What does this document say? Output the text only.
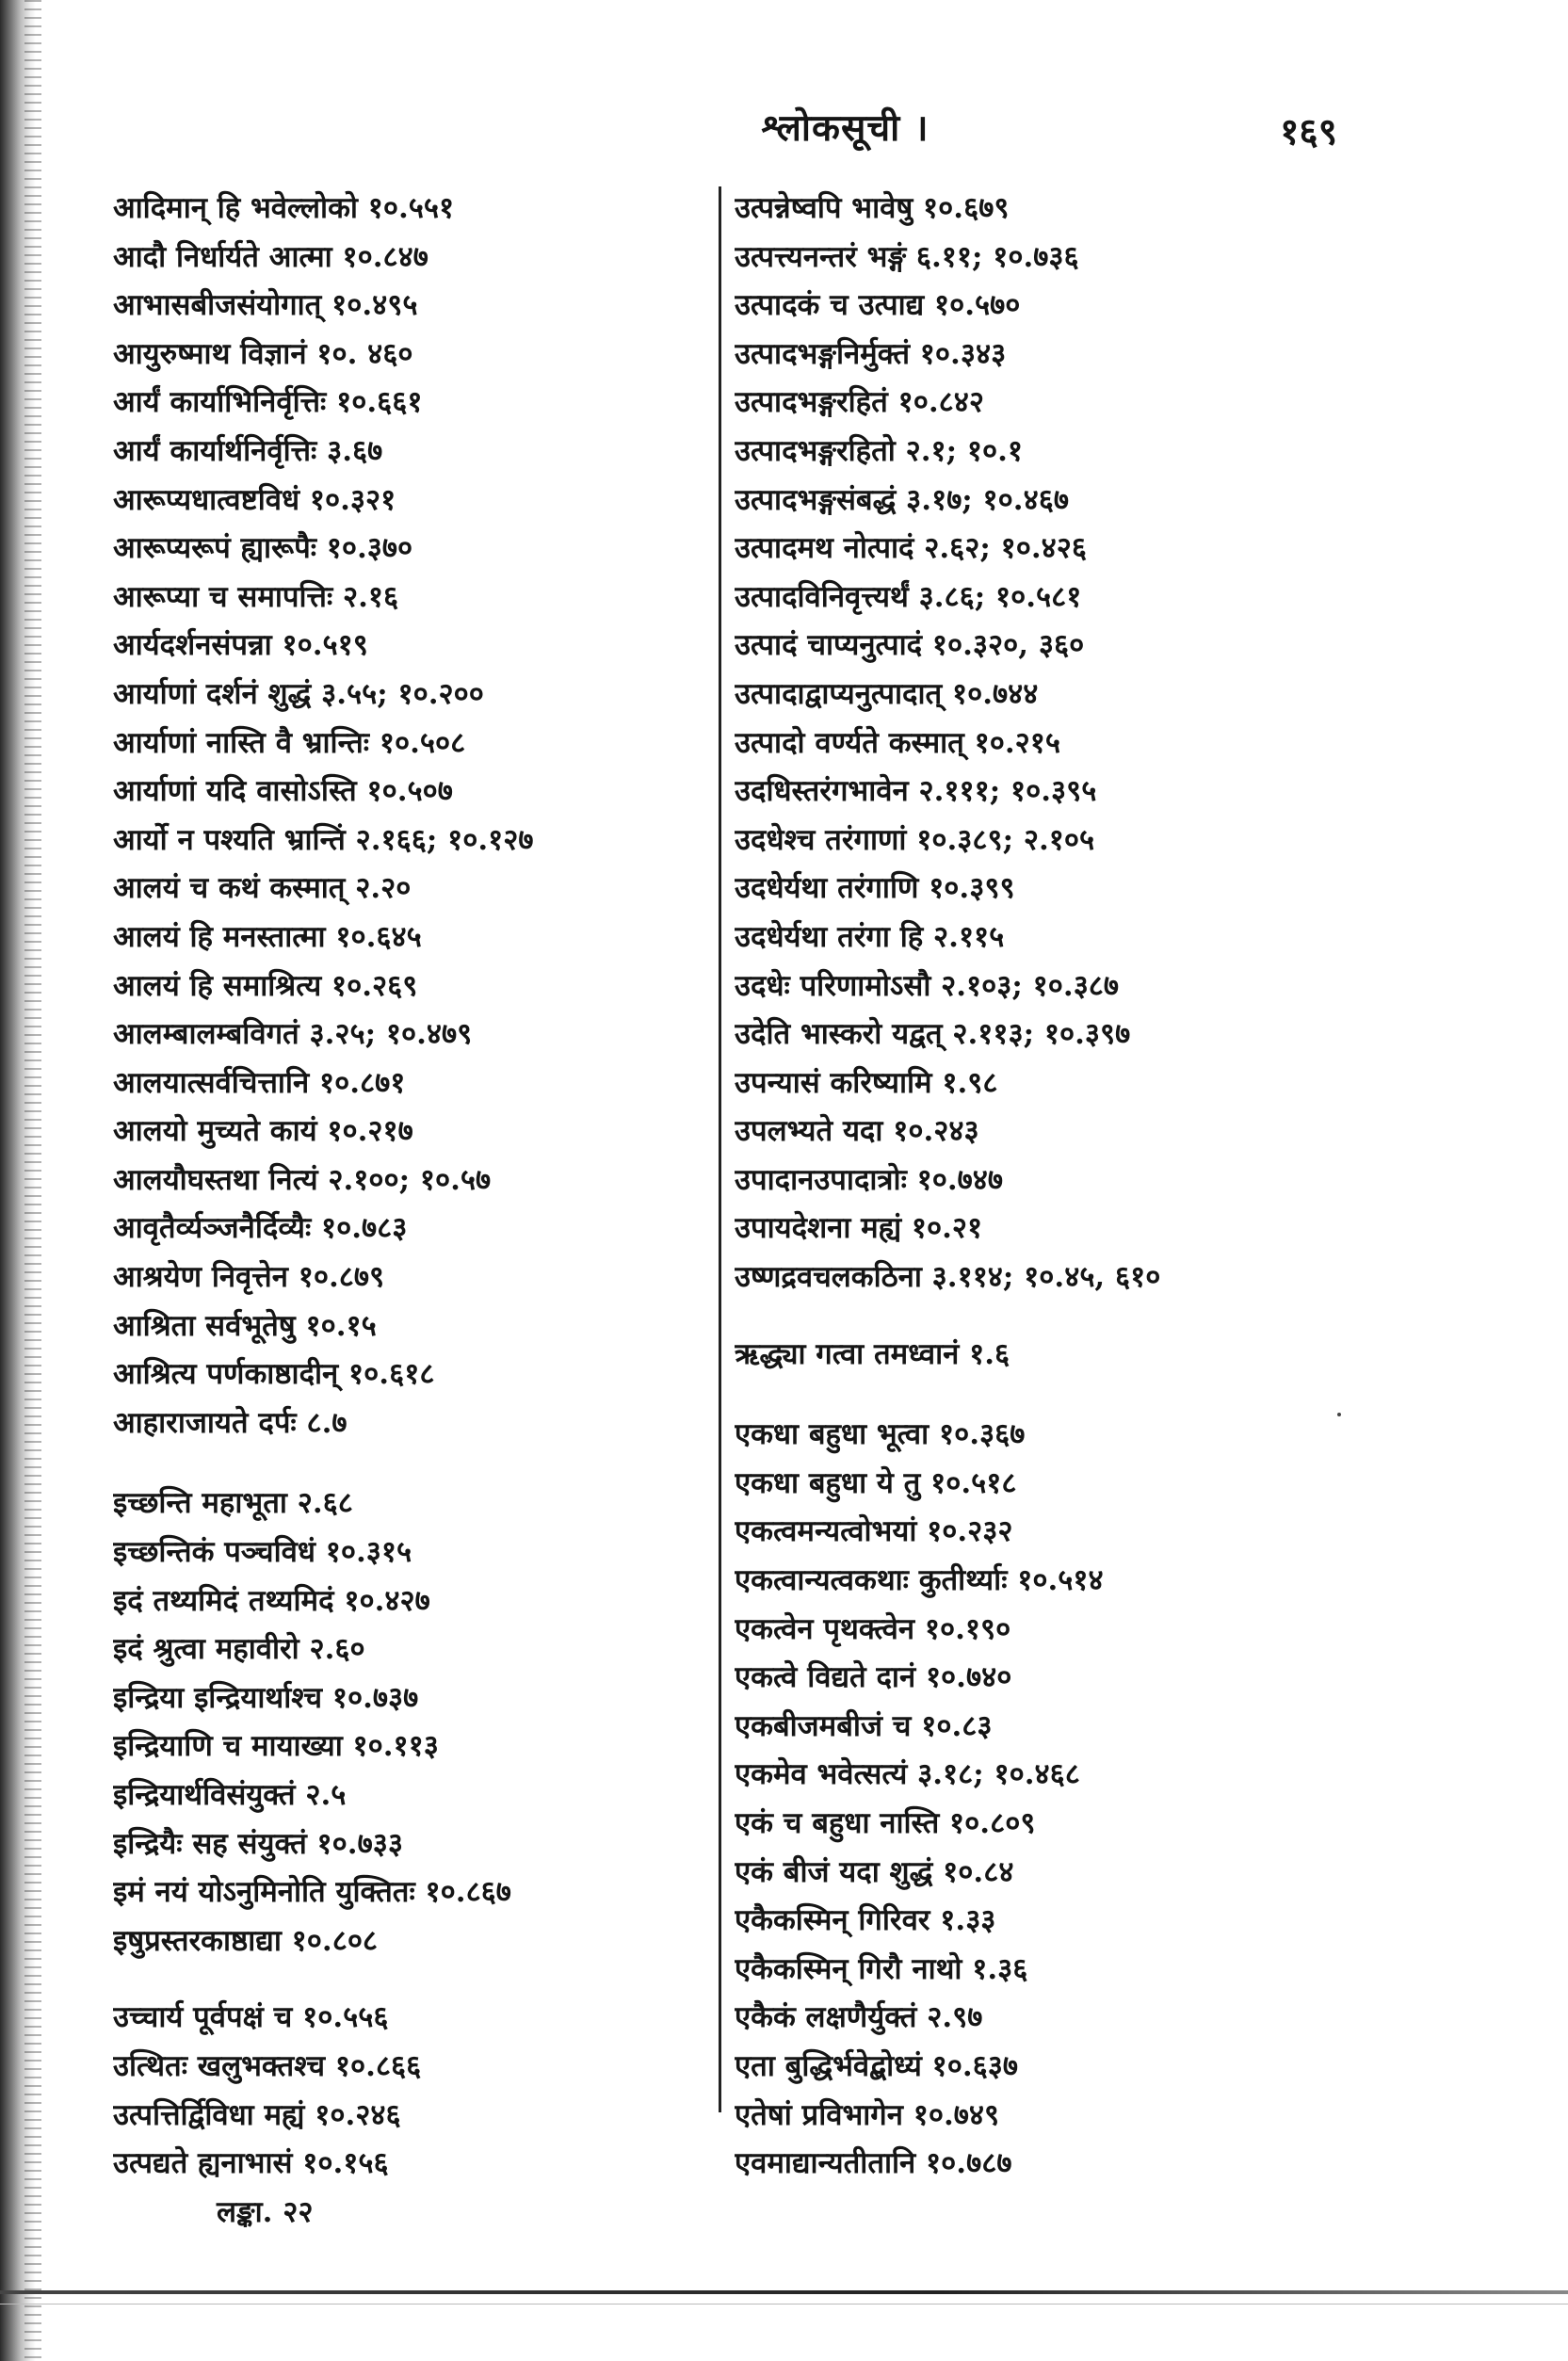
श्लोकसूची ।	१६९
आदिमान् हि भवेल्लोको १०.५५१
आदौ निर्धार्यते आत्मा १०.८४७
आभासबीजसंयोगात् १०.४९५
आयुरुष्माथ विज्ञानं १०. ४६०
आर्यं कार्याभिनिर्वृत्तिः १०.६६१
आर्यं कार्यार्थनिर्वृत्तिः ३.६७
आरूप्यधात्वष्टविधं १०.३२१
आरूप्यरूपं ह्यारूपैः १०.३७०
आरूप्या च समापत्तिः २.१६
आर्यदर्शनसंपन्ना १०.५१९
आर्याणां दर्शनं शुद्धं ३.५५; १०.२००
आर्याणां नास्ति वै भ्रान्तिः १०.५०८
आर्याणां यदि वासोऽस्ति १०.५०७
आर्यो न पश्यति भ्रान्तिं २.१६६; १०.१२७
आलयं च कथं कस्मात् २.२०
आलयं हि मनस्तात्मा १०.६४५
आलयं हि समाश्रित्य १०.२६९
आलम्बालम्बविगतं ३.२५; १०.४७९
आलयात्सर्वचित्तानि १०.८७१
आलयो मुच्यते कायं १०.२१७
आलयौघस्तथा नित्यं २.१००; १०.५७
आवृतैर्व्यञ्जनैर्दिव्यैः १०.७८३
आश्रयेण निवृत्तेन १०.८७९
आश्रिता सर्वभूतेषु १०.१५
आश्रित्य पर्णकाष्ठादीन् १०.६१८
आहाराजायते दर्पः ८.७
इच्छन्ति महाभूता २.६८
इच्छन्तिकं पञ्चविधं १०.३१५
इदं तथ्यमिदं तथ्यमिदं १०.४२७
इदं श्रुत्वा महावीरो २.६०
इन्द्रिया इन्द्रियार्थाश्च १०.७३७
इन्द्रियाणि च मायाख्या १०.११३
इन्द्रियार्थविसंयुक्तं २.५
इन्द्रियैः सह संयुक्तं १०.७३३
इमं नयं योऽनुमिनोति युक्तितः १०.८६७
इषुप्रस्तरकाष्ठाद्या १०.८०८
उच्चार्य पूर्वपक्षं च १०.५५६
उत्थितः खलुभक्तश्च १०.८६६
उत्पत्तिर्द्विविधा मह्यं १०.२४६
उत्पद्यते ह्यनाभासं १०.१५६
लङ्का. २२
उत्पन्नेष्वपि भावेषु १०.६७९
उत्पत्त्यनन्तरं भङ्गं ६.११; १०.७३६
उत्पादकं च उत्पाद्य १०.५७०
उत्पादभङ्गनिर्मुक्तं १०.३४३
उत्पादभङ्गरहितं १०.८४२
उत्पादभङ्गरहितो २.१; १०.१
उत्पादभङ्गसंबद्धं ३.१७; १०.४६७
उत्पादमथ नोत्पादं २.६२; १०.४२६
उत्पादविनिवृत्त्यर्थं ३.८६; १०.५८१
उत्पादं चाप्यनुत्पादं १०.३२०, ३६०
उत्पादाद्वाप्यनुत्पादात् १०.७४४
उत्पादो वर्ण्यते कस्मात् १०.२१५
उदधिस्तरंगभावेन २.१११; १०.३९५
उदधेश्च तरंगाणां १०.३८९; २.१०५
उदधेर्यथा तरंगाणि १०.३९९
उदधेर्यथा तरंगा हि २.११५
उदधेः परिणामोऽसौ २.१०३; १०.३८७
उदेति भास्करो यद्वत् २.११३; १०.३९७
उपन्यासं करिष्यामि १.९८
उपलभ्यते यदा १०.२४३
उपादानउपादात्रोः १०.७४७
उपायदेशना मह्यं १०.२१
उष्णद्रवचलकठिना ३.११४; १०.४५, ६१०
ऋद्ध्या गत्वा तमध्वानं १.६
एकधा बहुधा भूत्वा १०.३६७
एकधा बहुधा ये तु १०.५१८
एकत्वमन्यत्वोभयां १०.२३२
एकत्वान्यत्वकथाः कुतीर्थ्याः १०.५१४
एकत्वेन पृथक्त्वेन १०.१९०
एकत्वे विद्यते दानं १०.७४०
एकबीजमबीजं च १०.८३
एकमेव भवेत्सत्यं ३.१८; १०.४६८
एकं च बहुधा नास्ति १०.८०९
एकं बीजं यदा शुद्धं १०.८४
एकैकस्मिन् गिरिवर १.३३
एकैकस्मिन् गिरौ नाथो १.३६
एकैकं लक्षणैर्युक्तं २.९७
एता बुद्धिर्भवेद्बोध्यं १०.६३७
एतेषां प्रविभागेन १०.७४९
एवमाद्यान्यतीतानि १०.७८७
